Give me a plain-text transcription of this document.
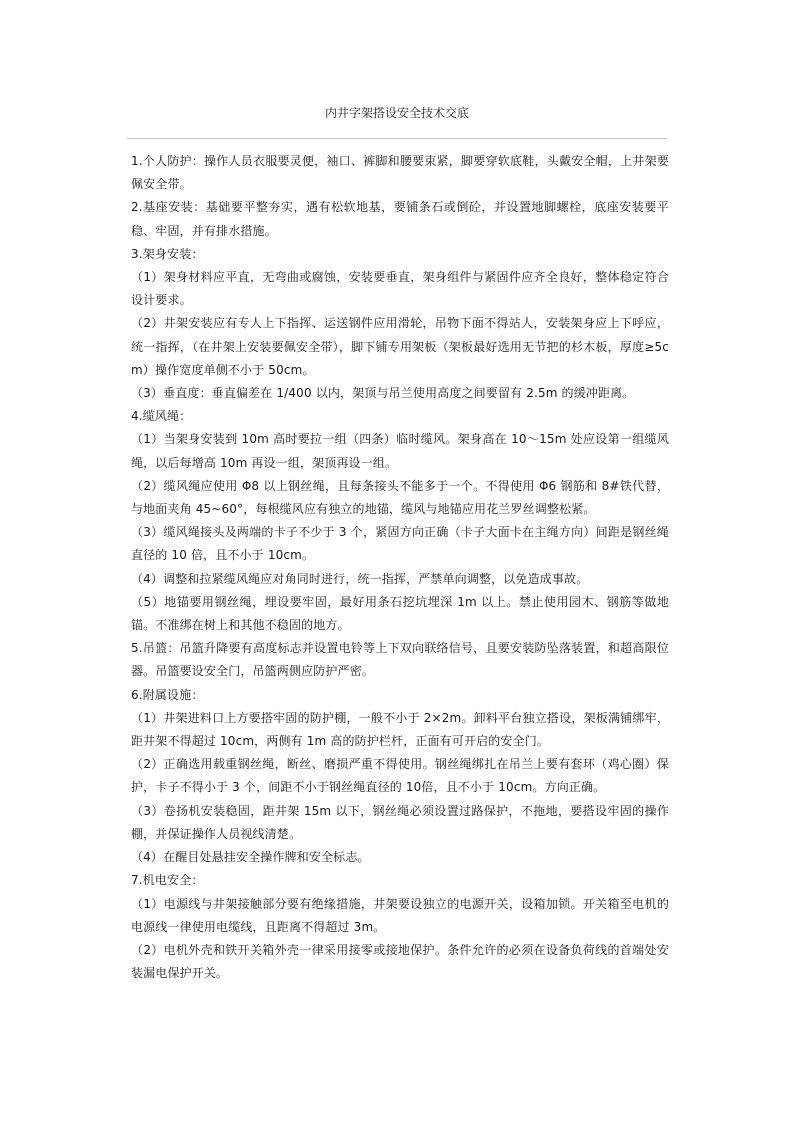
内井字架搭设安全技术交底

1.个人防护：操作人员衣服要灵便，袖口、裤脚和腰要束紧，脚要穿软底鞋，头戴安全帽，上井架要佩安全带。

2.基座安装：基础要平整夯实，遇有松软地基，要铺条石或倒砼，并设置地脚螺栓，底座安装要平稳、牢固，并有排水措施。

3.架身安装：

（1）架身材料应平直，无弯曲或腐蚀，安装要垂直，架身组件与紧固件应齐全良好，整体稳定符合设计要求。

（2）井架安装应有专人上下指挥、运送钢件应用滑轮，吊物下面不得站人，安装架身应上下呼应，统一指挥，（在井架上安装要佩安全带），脚下铺专用架板（架板最好选用无节把的杉木板，厚度≥5cm）操作宽度单侧不小于 50cm。

（3）垂直度：垂直偏差在 1/400 以内，架顶与吊兰使用高度之间要留有 2.5m 的缓冲距离。

4.缆风绳：

（1）当架身安装到 10m 高时要拉一组（四条）临时缆风。架身高在 10～15m 处应设第一组缆风绳，以后每增高 10m 再设一组，架顶再设一组。

（2）缆风绳应使用 Φ8 以上钢丝绳，且每条接头不能多于一个。不得使用 Φ6 钢筋和 8#铁代替，与地面夹角 45~60°，每根缆风应有独立的地锚，缆风与地锚应用花兰罗丝调整松紧。

（3）缆风绳接头及两端的卡子不少于 3 个，紧固方向正确（卡子大面卡在主绳方向）间距是钢丝绳直径的 10 倍，且不小于 10cm。

（4）调整和拉紧缆风绳应对角同时进行，统一指挥，严禁单向调整，以免造成事故。

（5）地锚要用钢丝绳，埋设要牢固，最好用条石挖坑埋深 1m 以上。禁止使用园木、钢筋等做地锚。不准绑在树上和其他不稳固的地方。

5.吊篮：吊篮升降要有高度标志并设置电铃等上下双向联络信号，且要安装防坠落装置，和超高限位器。吊篮要设安全门，吊篮两侧应防护严密。

6.附属设施：

（1）井架进料口上方要搭牢固的防护棚，一般不小于 2×2m。卸料平台独立搭设，架板满铺绑牢，距井架不得超过 10cm，两侧有 1m 高的防护栏杆，正面有可开启的安全门。

（2）正确选用载重钢丝绳，断丝、磨损严重不得使用。钢丝绳绑扎在吊兰上要有套环（鸡心圈）保护，卡子不得小于 3 个，间距不小于钢丝绳直径的 10倍，且不小于 10cm。方向正确。

（3）卷扬机安装稳固，距井架 15m 以下，钢丝绳必须设置过路保护，不拖地，要搭设牢固的操作棚，并保证操作人员视线清楚。

（4）在醒目处悬挂安全操作牌和安全标志。

7.机电安全：

（1）电源线与井架接触部分要有绝缘措施，井架要设独立的电源开关，设箱加锁。开关箱至电机的电源线一律使用电缆线，且距离不得超过 3m。

（2）电机外壳和铁开关箱外壳一律采用接零或接地保护。条件允许的必须在设备负荷线的首端处安装漏电保护开关。
